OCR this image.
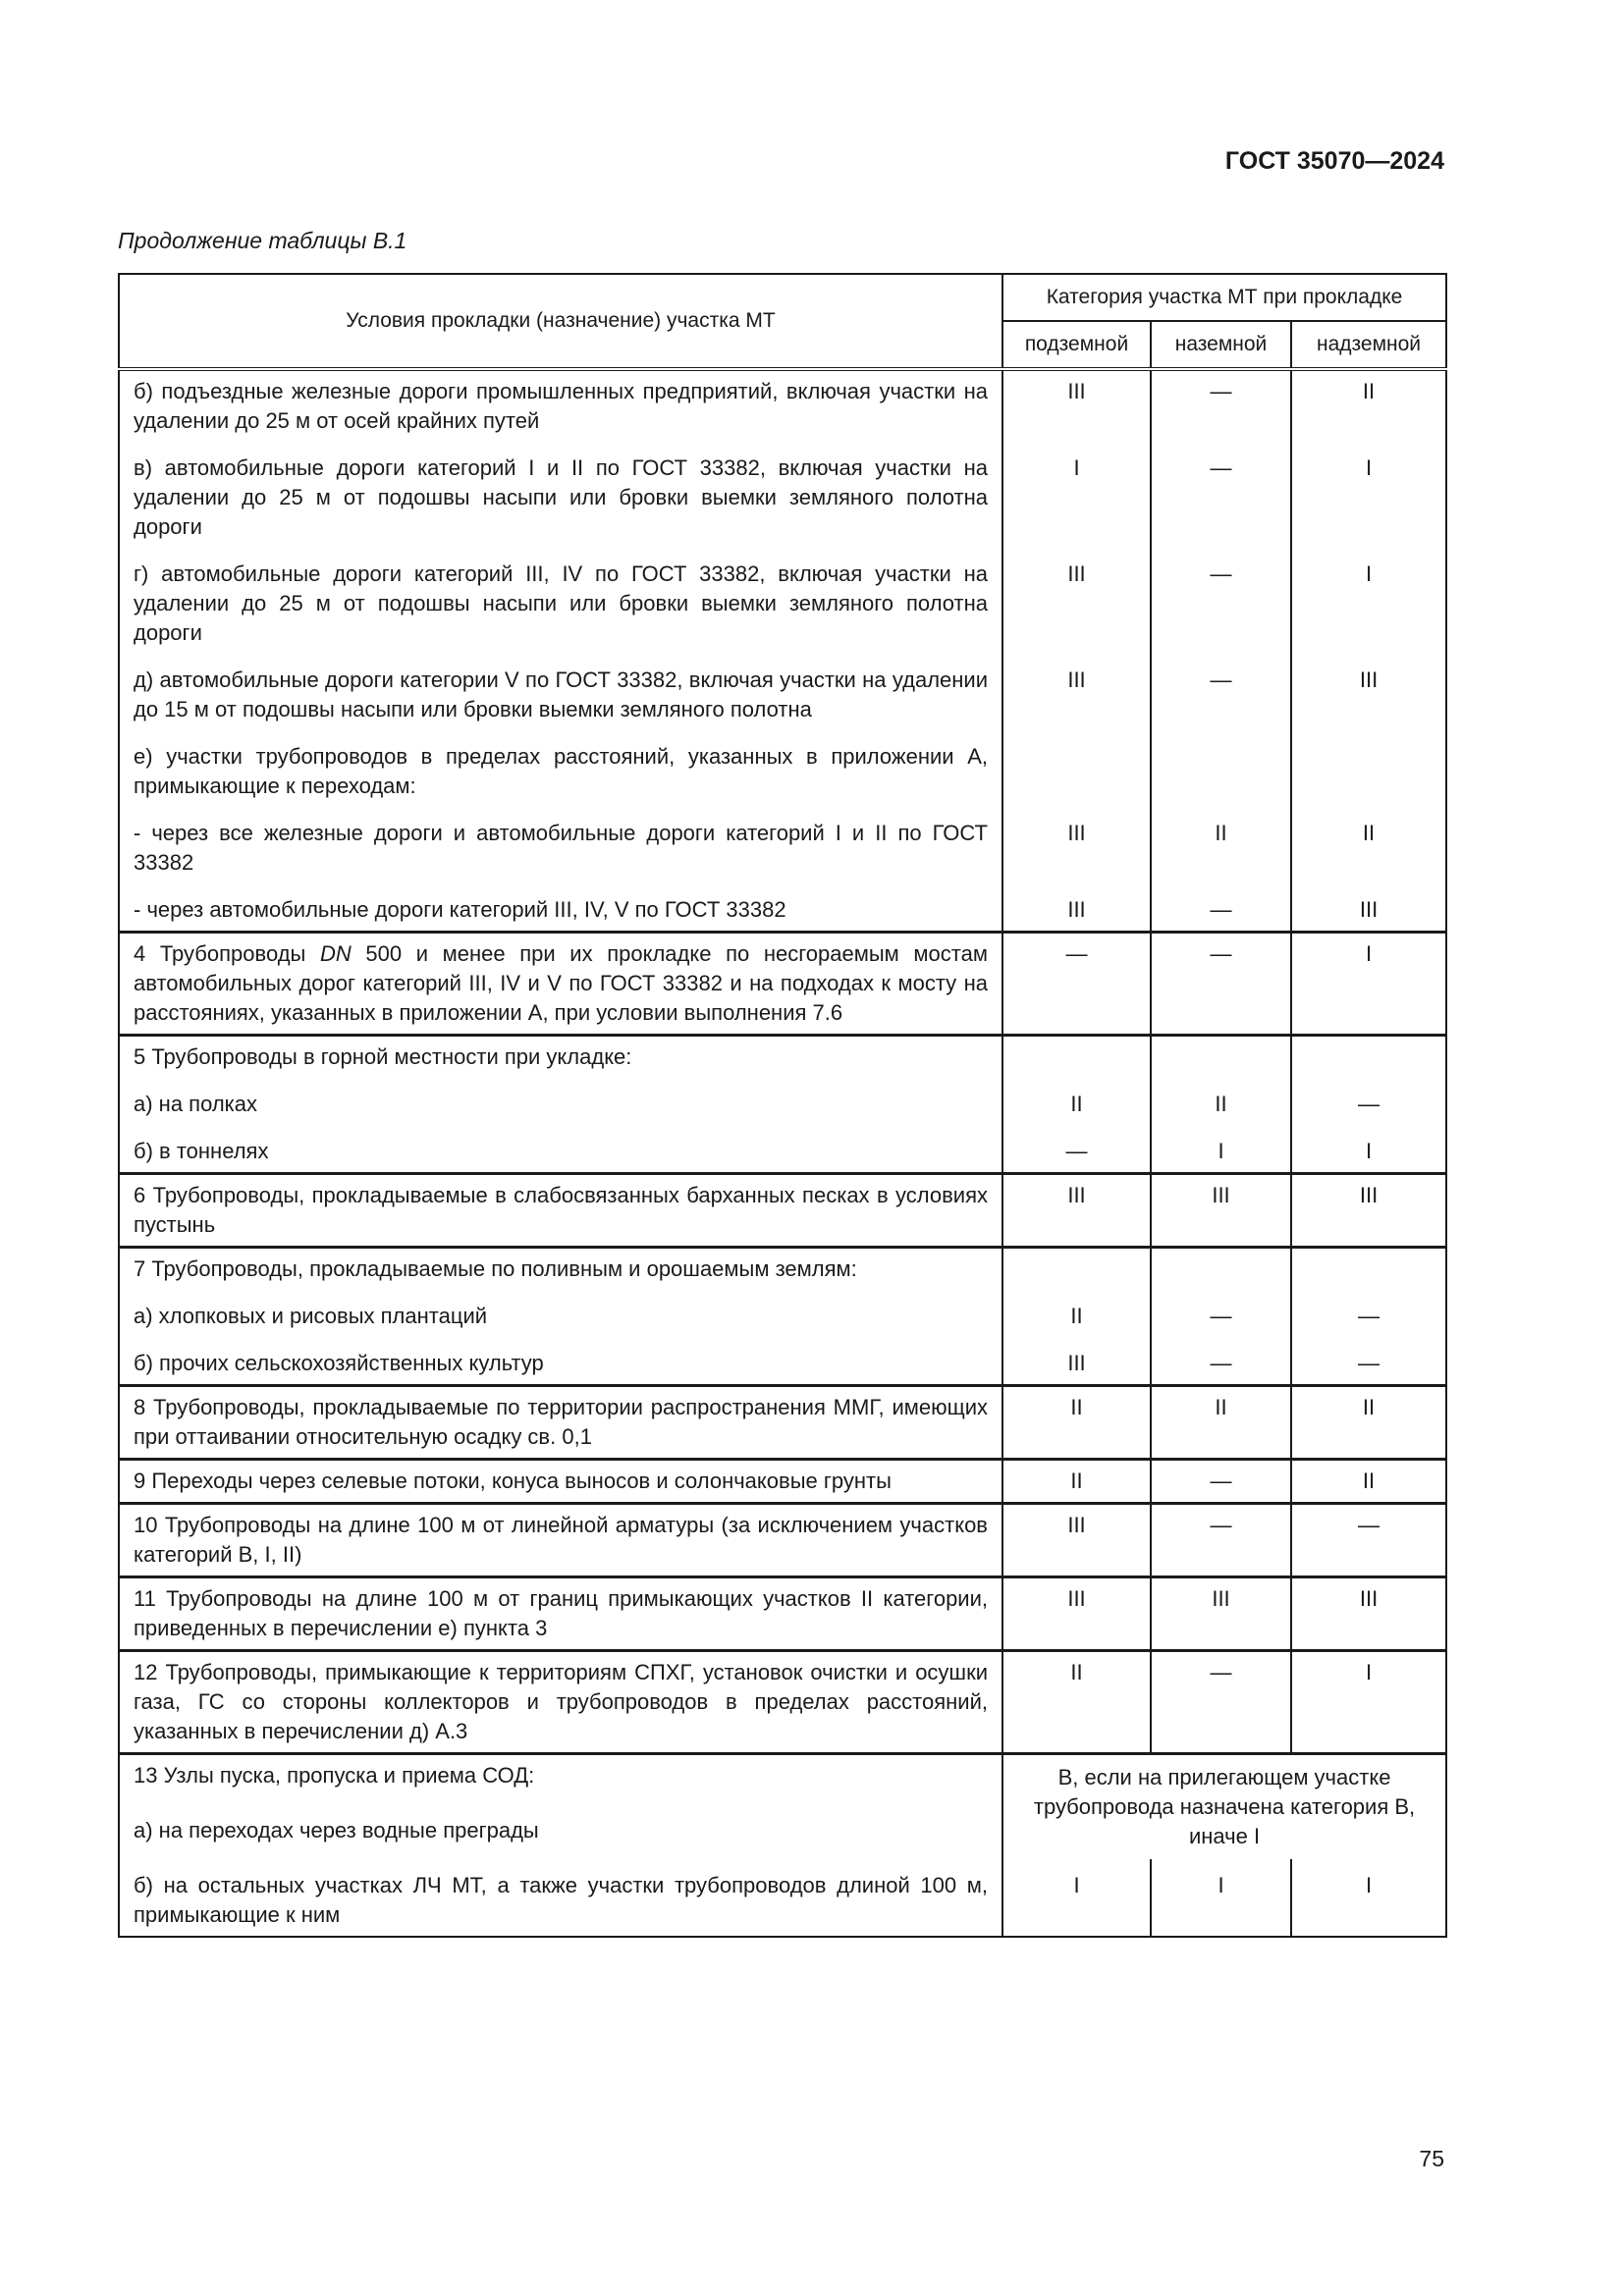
ГОСТ 35070—2024
Продолжение таблицы В.1
Условия прокладки (назначение) участка МТ	Категория участка МТ при прокладке		
	подземной	наземной	надземной
б) подъездные железные дороги промышленных предприятий, включая участки на удалении до 25 м от осей крайних путей	III	—	II
в) автомобильные дороги категорий I и II по ГОСТ 33382, включая участки на удалении до 25 м от подошвы насыпи или бровки выемки земляного полотна дороги	I	—	I
г) автомобильные дороги категорий III, IV по ГОСТ 33382, включая участки на удалении до 25 м от подошвы насыпи или бровки выемки земляного полотна дороги	III	—	I
д) автомобильные дороги категории V по ГОСТ 33382, включая участки на удалении до 15 м от подошвы насыпи или бровки выемки земляного полотна	III	—	III
е) участки трубопроводов в пределах расстояний, указанных в приложении А, примыкающие к переходам:			
- через все железные дороги и автомобильные дороги категорий I и II по ГОСТ 33382	III	II	II
- через автомобильные дороги категорий III, IV, V по ГОСТ 33382	III	—	III
4 Трубопроводы DN 500 и менее при их прокладке по несгораемым мостам автомобильных дорог категорий III, IV и V по ГОСТ 33382 и на подходах к мосту на расстояниях, указанных в приложении А, при условии выполнения 7.6	—	—	I
5 Трубопроводы в горной местности при укладке:			
а) на полках	II	II	—
б) в тоннелях	—	I	I
6 Трубопроводы, прокладываемые в слабосвязанных барханных песках в условиях пустынь	III	III	III
7 Трубопроводы, прокладываемые по поливным и орошаемым землям:			
а) хлопковых и рисовых плантаций	II	—	—
б) прочих сельскохозяйственных культур	III	—	—
8 Трубопроводы, прокладываемые по территории распространения ММГ, имеющих при оттаивании относительную осадку св. 0,1	II	II	II
9 Переходы через селевые потоки, конуса выносов и солончаковые грунты	II	—	II
10 Трубопроводы на длине 100 м от линейной арматуры (за исключением участков категорий В, I, II)	III	—	—
11 Трубопроводы на длине 100 м от границ примыкающих участков II категории, приведенных в перечислении е) пункта 3	III	III	III
12 Трубопроводы, примыкающие к территориям СПХГ, установок очистки и осушки газа, ГС со стороны коллекторов и трубопроводов в пределах расстояний, указанных в перечислении д) А.3	II	—	I
13 Узлы пуска, пропуска и приема СОД:	В, если на прилегающем участке трубопровода назначена категория В, иначе I		
а) на переходах через водные преграды			
б) на остальных участках ЛЧ МТ, а также участки трубопроводов длиной 100 м, примыкающие к ним	I	I	I
75
